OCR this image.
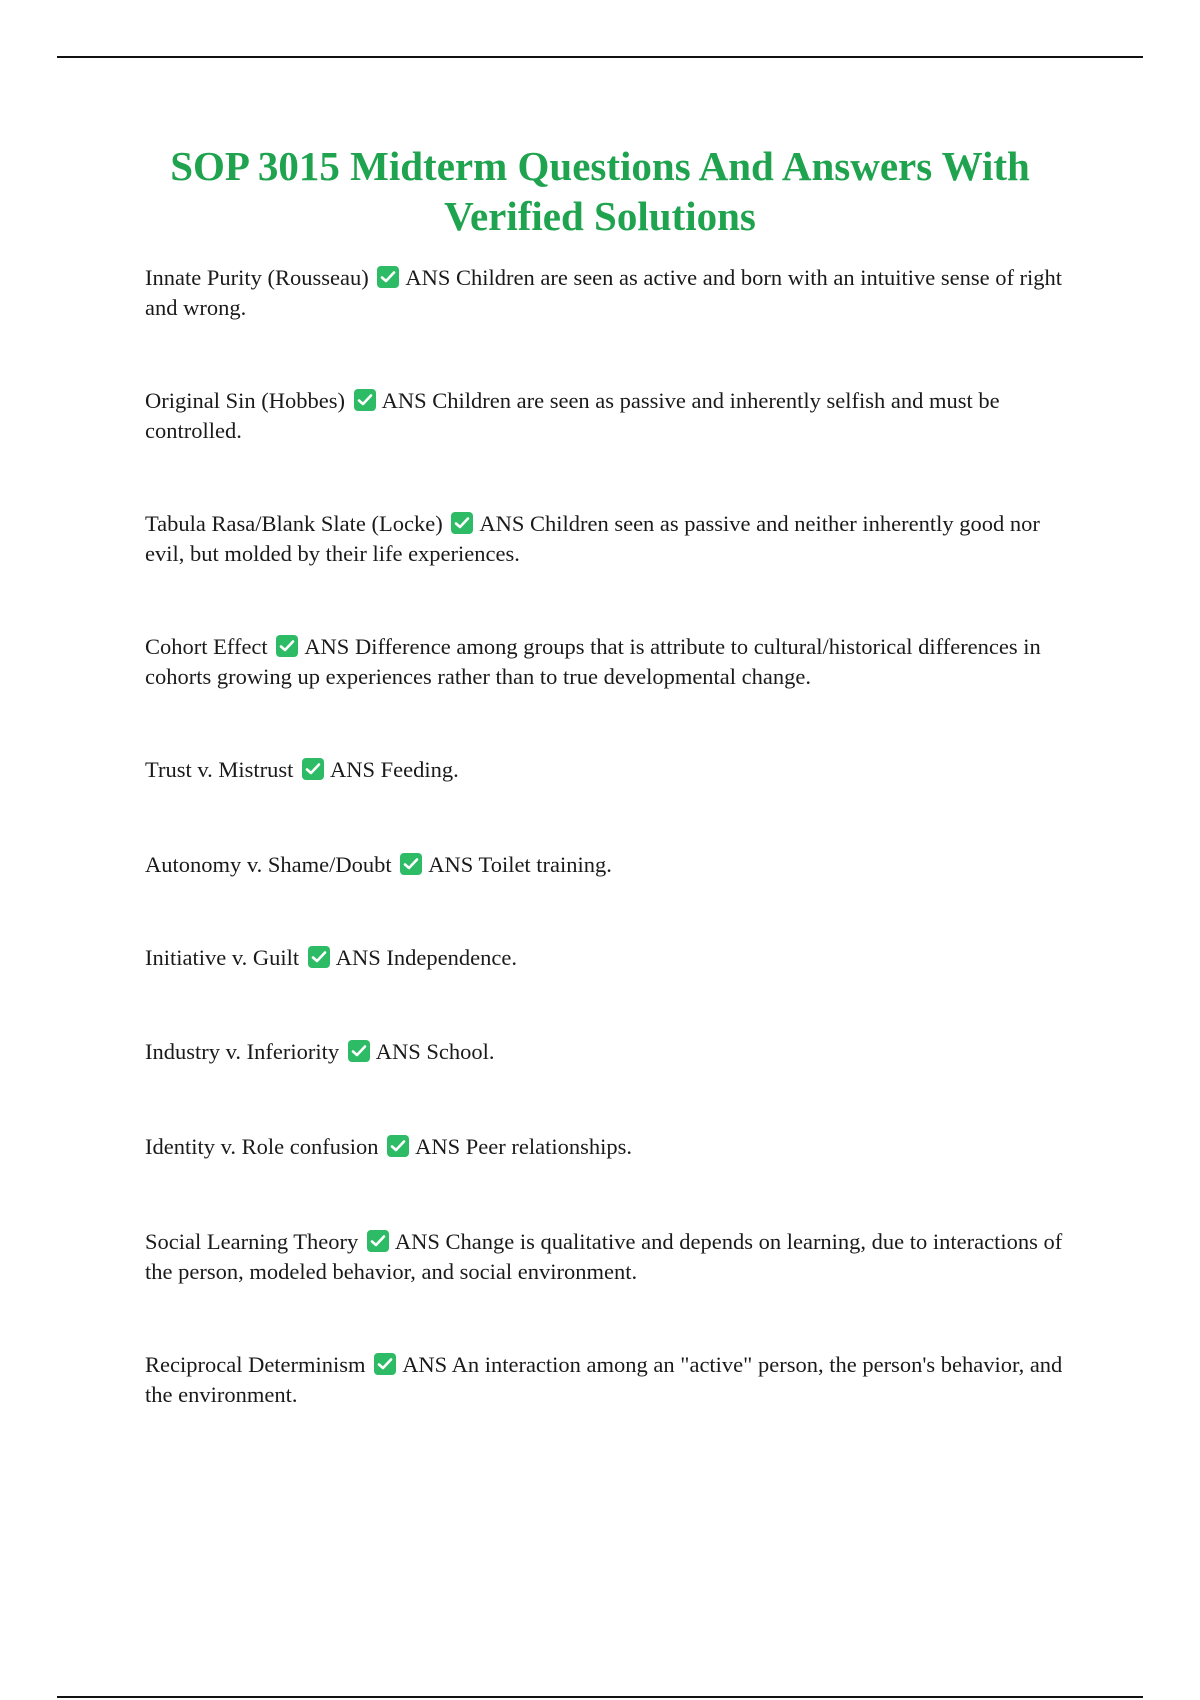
SOP 3015 Midterm Questions And Answers With Verified Solutions
Innate Purity (Rousseau) ANS Children are seen as active and born with an intuitive sense of right and wrong.
Original Sin (Hobbes) ANS Children are seen as passive and inherently selfish and must be controlled.
Tabula Rasa/Blank Slate (Locke) ANS Children seen as passive and neither inherently good nor evil, but molded by their life experiences.
Cohort Effect ANS Difference among groups that is attribute to cultural/historical differences in cohorts growing up experiences rather than to true developmental change.
Trust v. Mistrust ANS Feeding.
Autonomy v. Shame/Doubt ANS Toilet training.
Initiative v. Guilt ANS Independence.
Industry v. Inferiority ANS School.
Identity v. Role confusion ANS Peer relationships.
Social Learning Theory ANS Change is qualitative and depends on learning, due to interactions of the person, modeled behavior, and social environment.
Reciprocal Determinism ANS An interaction among an "active" person, the person's behavior, and the environment.
